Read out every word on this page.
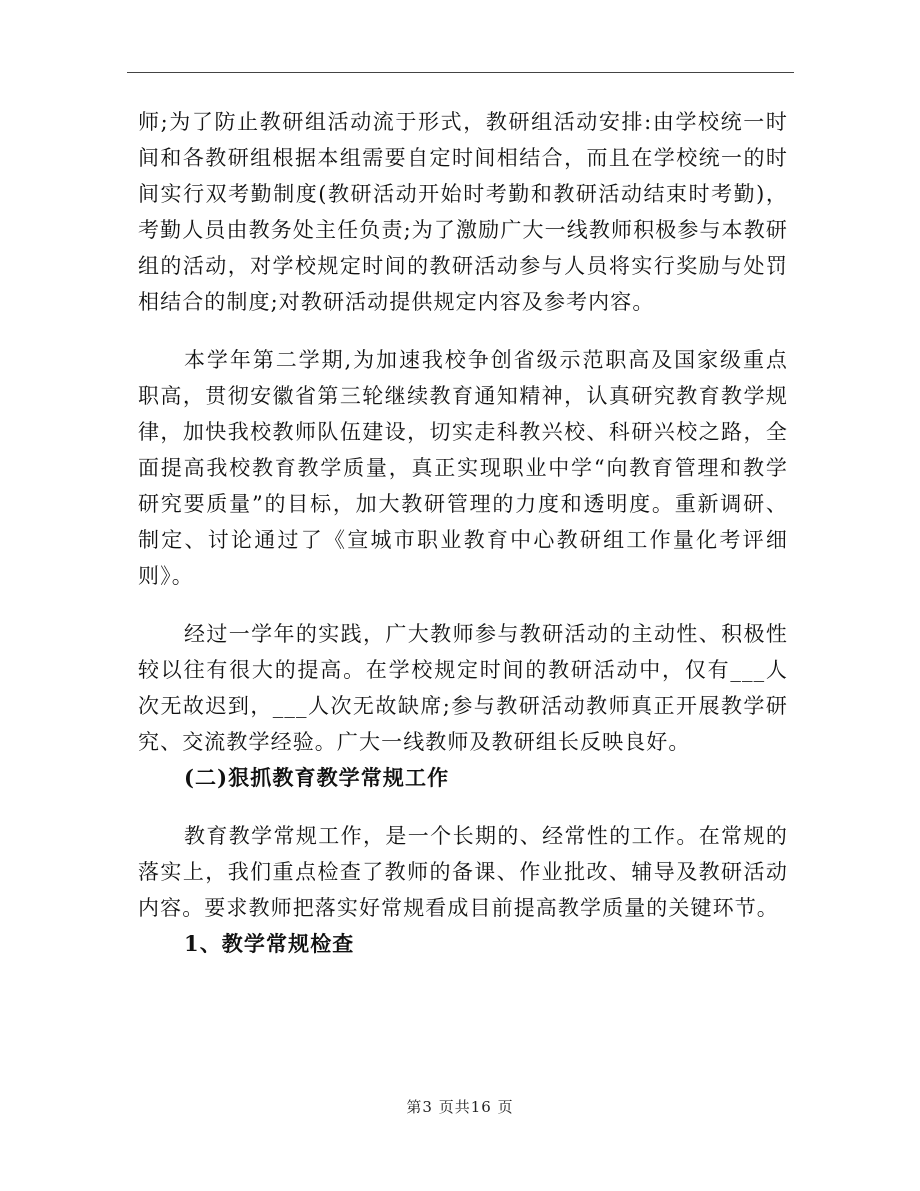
师;为了防止教研组活动流于形式，教研组活动安排:由学校统一时间和各教研组根据本组需要自定时间相结合，而且在学校统一的时间实行双考勤制度(教研活动开始时考勤和教研活动结束时考勤)，考勤人员由教务处主任负责;为了激励广大一线教师积极参与本教研组的活动，对学校规定时间的教研活动参与人员将实行奖励与处罚相结合的制度;对教研活动提供规定内容及参考内容。

本学年第二学期,为加速我校争创省级示范职高及国家级重点职高，贯彻安徽省第三轮继续教育通知精神，认真研究教育教学规律，加快我校教师队伍建设，切实走科教兴校、科研兴校之路，全面提高我校教育教学质量，真正实现职业中学“向教育管理和教学研究要质量”的目标，加大教研管理的力度和透明度。重新调研、制定、讨论通过了《宣城市职业教育中心教研组工作量化考评细则》。

经过一学年的实践，广大教师参与教研活动的主动性、积极性较以往有很大的提高。在学校规定时间的教研活动中，仅有___人次无故迟到，___人次无故缺席;参与教研活动教师真正开展教学研究、交流教学经验。广大一线教师及教研组长反映良好。

(二)狠抓教育教学常规工作

教育教学常规工作，是一个长期的、经常性的工作。在常规的落实上，我们重点检查了教师的备课、作业批改、辅导及教研活动内容。要求教师把落实好常规看成目前提高教学质量的关键环节。

1、教学常规检查

第3 页共16 页
